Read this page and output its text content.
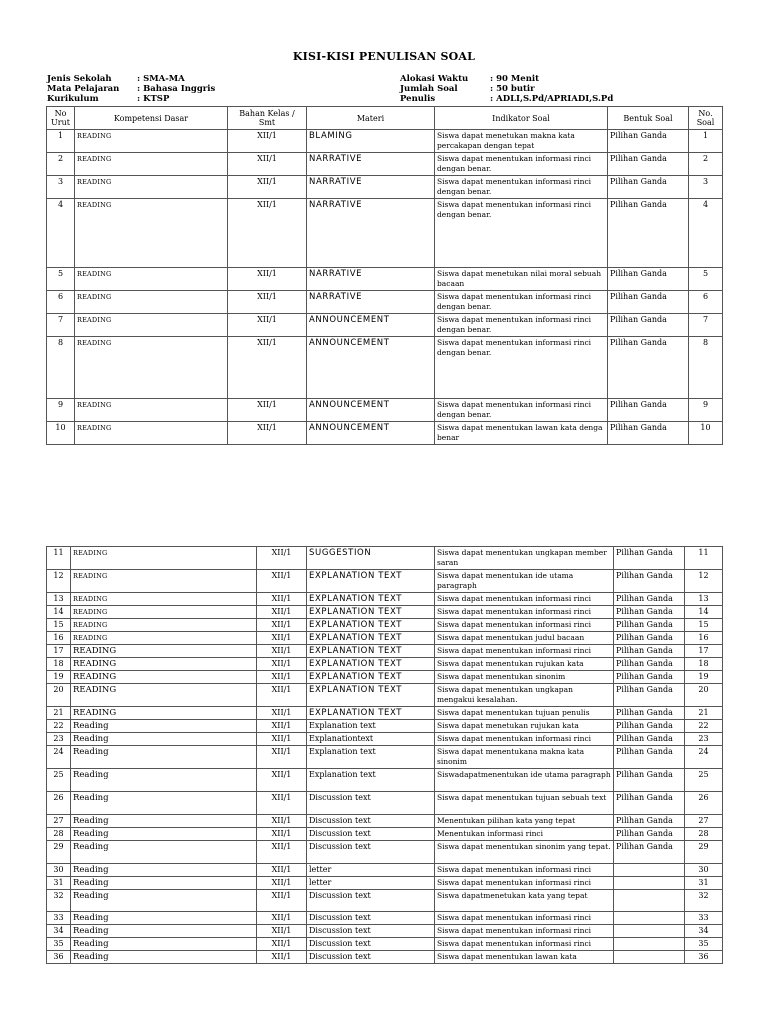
KISI-KISI PENULISAN SOAL
Jenis Sekolah	: SMA-MA
Mata Pelajaran	: Bahasa Inggris
Kurikulum	: KTSP
Alokasi Waktu	: 90 Menit
Jumlah Soal	: 50 butir
Penulis	: ADLI,S.Pd/APRIADI,S.Pd
No Urut	Kompetensi Dasar	Bahan Kelas / Smt	Materi	Indikator Soal	Bentuk Soal	No. Soal
1	READING	XII/1	BLAMING	Siswa dapat menetukan makna kata percakapan dengan tepat	Pilihan Ganda	1
2	READING	XII/1	NARRATIVE	Siswa dapat menentukan informasi rinci dengan benar.	Pilihan Ganda	2
3	READING	XII/1	NARRATIVE	Siswa dapat menentukan informasi rinci dengan benar.	Pilihan Ganda	3
4	READING	XII/1	NARRATIVE	Siswa dapat menentukan informasi rinci dengan benar.	Pilihan Ganda	4
5	READING	XII/1	NARRATIVE	Siswa dapat menetukan nilai moral sebuah bacaan	Pilihan Ganda	5
6	READING	XII/1	NARRATIVE	Siswa dapat menentukan informasi rinci dengan benar.	Pilihan Ganda	6
7	READING	XII/1	ANNOUNCEMENT	Siswa dapat menentukan informasi rinci dengan benar.	Pilihan Ganda	7
8	READING	XII/1	ANNOUNCEMENT	Siswa dapat menentukan informasi rinci dengan benar.	Pilihan Ganda	8
9	READING	XII/1	ANNOUNCEMENT	Siswa dapat menentukan informasi rinci dengan benar.	Pilihan Ganda	9
10	READING	XII/1	ANNOUNCEMENT	Siswa dapat menentukan lawan kata denga benar	Pilihan Ganda	10
11	READING	XII/1	SUGGESTION	Siswa dapat menentukan ungkapan member saran	Pilihan Ganda	11
12	READING	XII/1	EXPLANATION TEXT	Siswa dapat menentukan ide utama paragraph	Pilihan Ganda	12
13	READING	XII/1	EXPLANATION TEXT	Siswa dapat menentukan informasi rinci	Pilihan Ganda	13
14	READING	XII/1	EXPLANATION TEXT	Siswa dapat menentukan informasi rinci	Pilihan Ganda	14
15	READING	XII/1	EXPLANATION TEXT	Siswa dapat menentukan informasi rinci	Pilihan Ganda	15
16	READING	XII/1	EXPLANATION TEXT	Siswa dapat menentukan judul bacaan	Pilihan Ganda	16
17	READING	XII/1	EXPLANATION TEXT	Siswa dapat menentukan informasi rinci	Pilihan Ganda	17
18	READING	XII/1	EXPLANATION TEXT	Siswa dapat menentukan rujukan kata	Pilihan Ganda	18
19	READING	XII/1	EXPLANATION TEXT	Siswa dapat menentukan sinonim	Pilihan Ganda	19
20	READING	XII/1	EXPLANATION TEXT	Siswa dapat menentukan ungkapan mengakui kesalahan.	Pilihan Ganda	20
21	READING	XII/1	EXPLANATION TEXT	Siswa dapat menentukan tujuan penulis	Pilihan Ganda	21
22	Reading	XII/1	Explanation text	Siswa dapat menetukan rujukan kata	Pilihan Ganda	22
23	Reading	XII/1	Explanationtext	Siswa dapat menentukan informasi rinci	Pilihan Ganda	23
24	Reading	XII/1	Explanation text	Siswa dapat menentukana makna kata sinonim	Pilihan Ganda	24
25	Reading	XII/1	Explanation text	Siswadapatmenentukan ide utama paragraph	Pilihan Ganda	25
26	Reading	XII/1	Discussion text	Siswa dapat menentukan tujuan sebuah text	Pilihan Ganda	26
27	Reading	XII/1	Discussion text	Menentukan pilihan kata yang tepat	Pilihan Ganda	27
28	Reading	XII/1	Discussion text	Menentukan informasi rinci	Pilihan Ganda	28
29	Reading	XII/1	Discussion text	Siswa dapat menentukan sinonim yang tepat.	Pilihan Ganda	29
30	Reading	XII/1	letter	Siswa dapat menentukan informasi rinci		30
31	Reading	XII/1	letter	Siswa dapat menentukan informasi rinci		31
32	Reading	XII/1	Discussion text	Siswa dapatmenetukan kata yang tepat		32
33	Reading	XII/1	Discussion text	Siswa dapat menentukan informasi rinci		33
34	Reading	XII/1	Discussion text	Siswa dapat menentukan informasi rinci		34
35	Reading	XII/1	Discussion text	Siswa dapat menentukan informasi rinci		35
36	Reading	XII/1	Discussion text	Siswa dapat menentukan lawan kata		36
